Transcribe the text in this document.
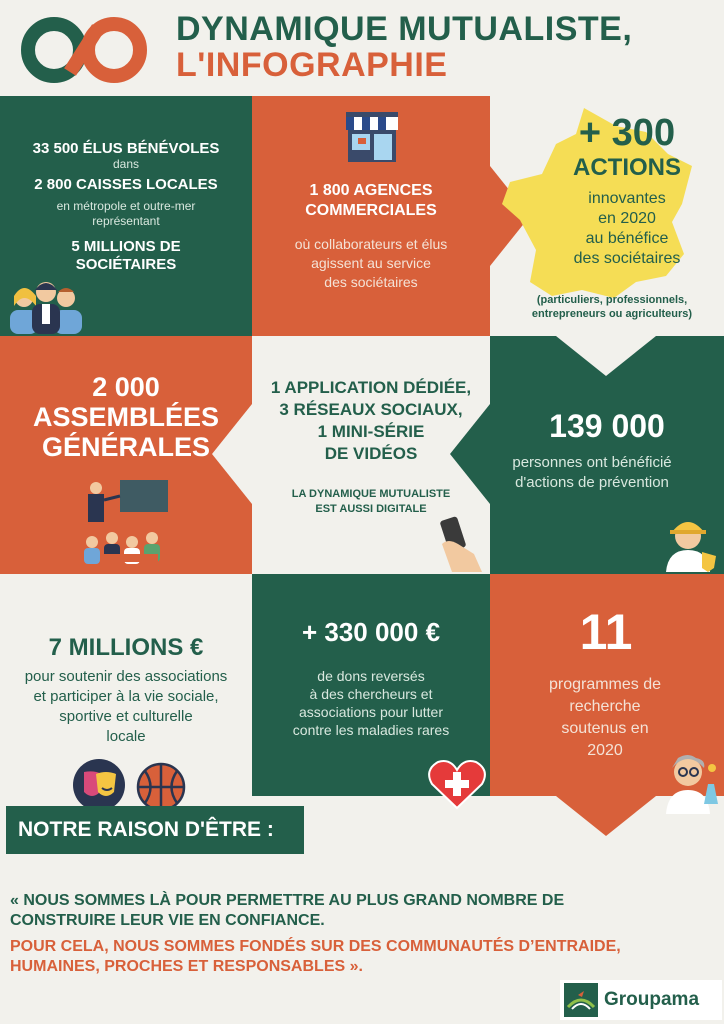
DYNAMIQUE MUTUALISTE,
L'INFOGRAPHIE
33 500 ÉLUS BÉNÉVOLES
dans
2 800 CAISSES LOCALES
en métropole et outre-mer
représentant
5 MILLIONS DE
SOCIÉTAIRES
1 800 AGENCES
COMMERCIALES
où collaborateurs et élus
agissent au service
des sociétaires
+ 300
ACTIONS
innovantes
en 2020
au bénéfice
des sociétaires
(particuliers, professionnels,
entrepreneurs ou agriculteurs)
2 000
ASSEMBLÉES
GÉNÉRALES
1 APPLICATION DÉDIÉE,
3 RÉSEAUX SOCIAUX,
1 MINI-SÉRIE
DE VIDÉOS
LA DYNAMIQUE MUTUALISTE
EST AUSSI DIGITALE
139 000
personnes ont bénéficié
d'actions de prévention
7 MILLIONS €
pour soutenir des associations
et participer à la vie sociale,
sportive et culturelle
locale
+ 330 000 €
de dons reversés
à des chercheurs et
associations pour lutter
contre les maladies rares
11
programmes de
recherche
soutenus en
2020
NOTRE RAISON D'ÊTRE :
« NOUS SOMMES LÀ POUR PERMETTRE AU PLUS GRAND NOMBRE DE
CONSTRUIRE LEUR VIE EN CONFIANCE.
POUR CELA, NOUS SOMMES FONDÉS SUR DES COMMUNAUTÉS D’ENTRAIDE,
HUMAINES, PROCHES ET RESPONSABLES ».
Groupama
